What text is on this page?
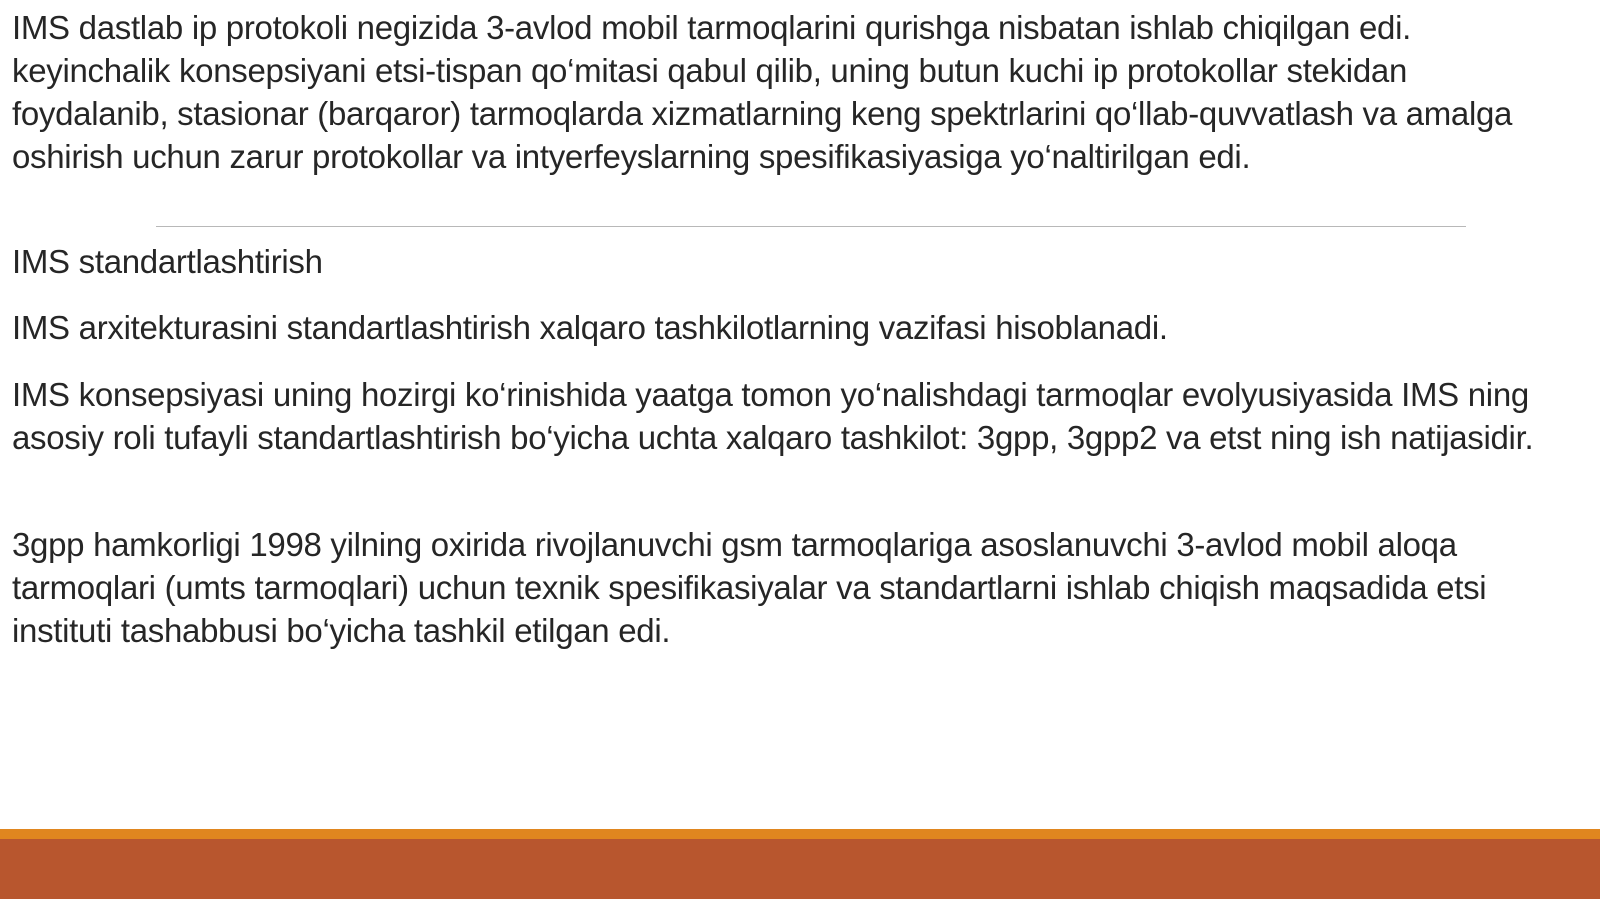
IMS dastlab ip protokoli negizida 3-avlod mobil tarmoqlarini qurishga nisbatan ishlab chiqilgan edi. keyinchalik konsepsiyani etsi-tispan qo‘mitasi qabul qilib, uning butun kuchi ip protokollar stekidan foydalanib, stasionar (barqaror) tarmoqlarda xizmatlarning keng spektrlarini qo‘llab-quvvatlash va amalga oshirish uchun zarur protokollar va intyerfeyslarning spesifikasiyasiga yo‘naltirilgan edi.

IMS standartlashtirish

IMS arxitekturasini standartlashtirish xalqaro tashkilotlarning vazifasi hisoblanadi.

IMS konsepsiyasi uning hozirgi ko‘rinishida yaatga tomon yo‘nalishdagi tarmoqlar evolyusiyasida IMS ning asosiy roli tufayli standartlashtirish bo‘yicha uchta xalqaro tashkilot: 3gpp, 3gpp2 va etst ning ish natijasidir.

3gpp hamkorligi 1998 yilning oxirida rivojlanuvchi gsm tarmoqlariga asoslanuvchi 3-avlod mobil aloqa tarmoqlari (umts tarmoqlari) uchun texnik spesifikasiyalar va standartlarni ishlab chiqish maqsadida etsi instituti tashabbusi bo‘yicha tashkil etilgan edi.
